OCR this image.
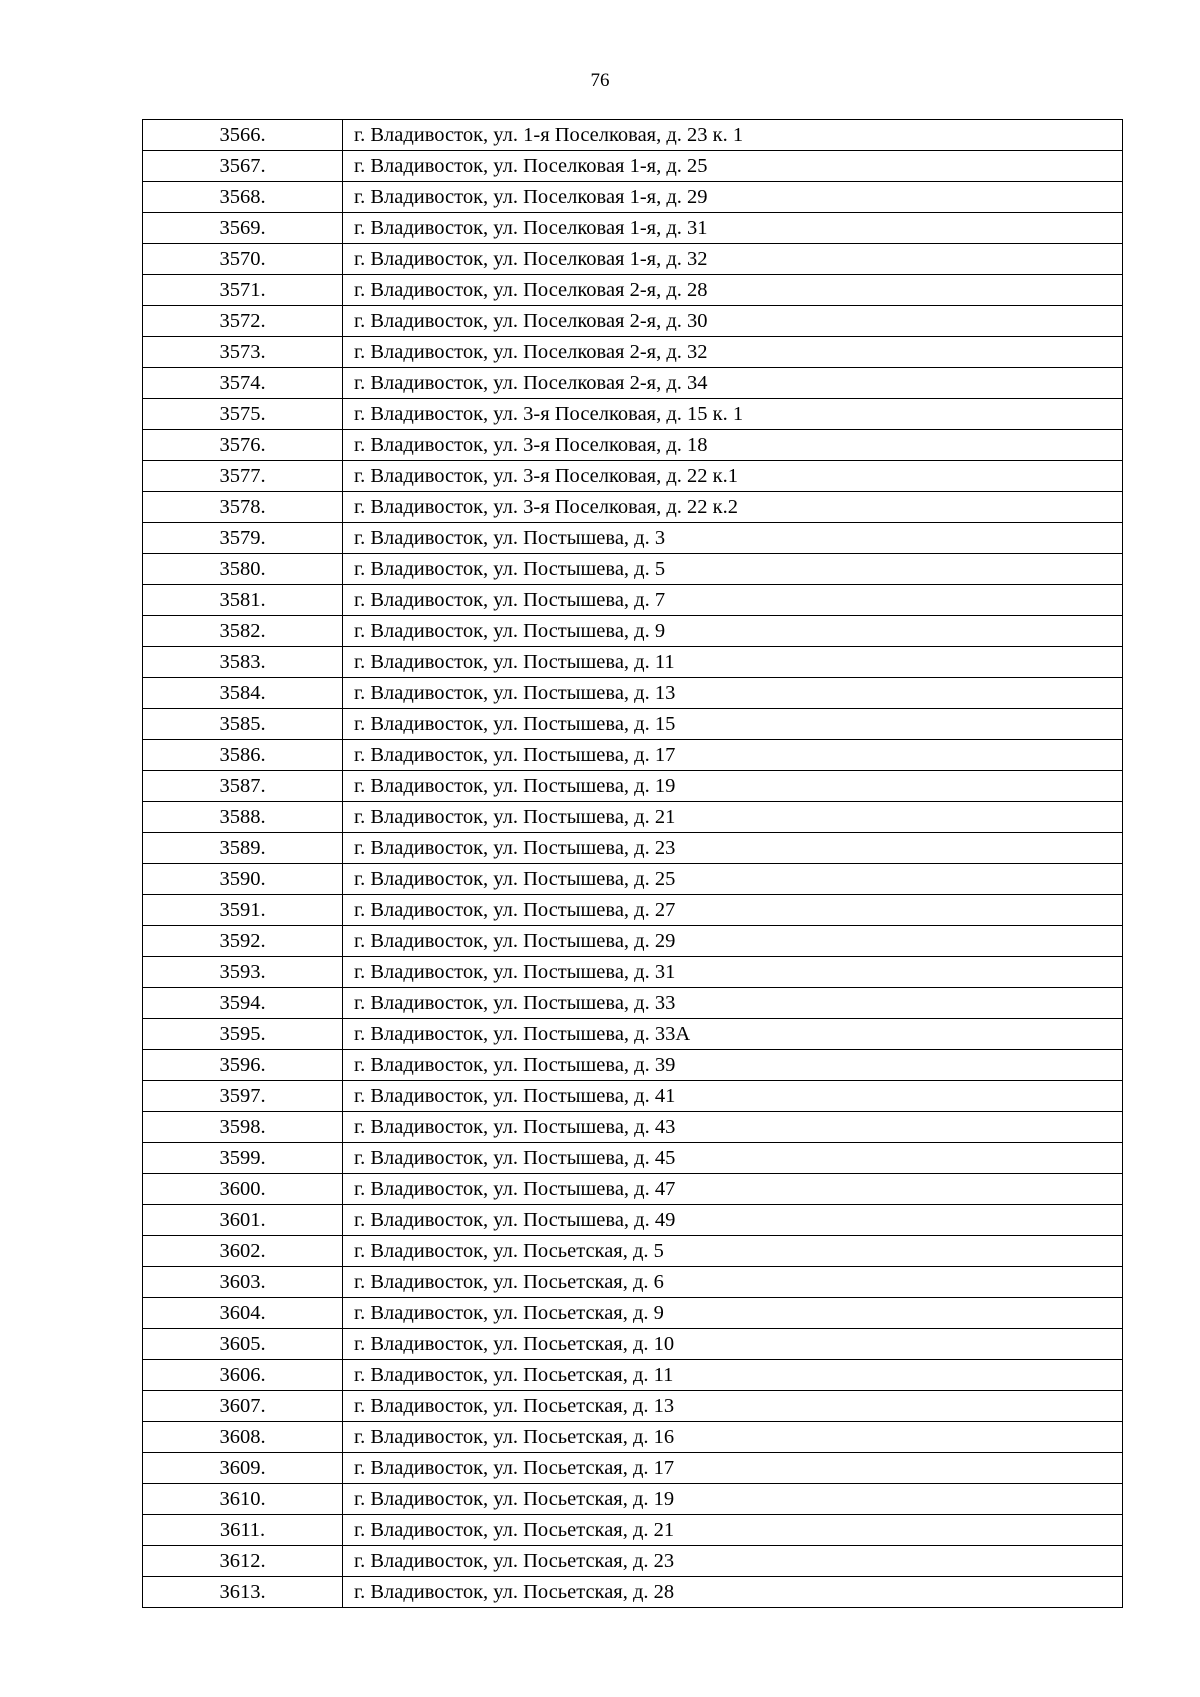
76
3566.	г. Владивосток, ул. 1-я Поселковая, д. 23 к. 1
3567.	г. Владивосток, ул. Поселковая 1-я, д. 25
3568.	г. Владивосток, ул. Поселковая 1-я, д. 29
3569.	г. Владивосток, ул. Поселковая 1-я, д. 31
3570.	г. Владивосток, ул. Поселковая 1-я, д. 32
3571.	г. Владивосток, ул. Поселковая 2-я, д. 28
3572.	г. Владивосток, ул. Поселковая 2-я, д. 30
3573.	г. Владивосток, ул. Поселковая 2-я, д. 32
3574.	г. Владивосток, ул. Поселковая 2-я, д. 34
3575.	г. Владивосток, ул. 3-я Поселковая, д. 15 к. 1
3576.	г. Владивосток, ул. 3-я Поселковая, д. 18
3577.	г. Владивосток, ул. 3-я Поселковая, д. 22 к.1
3578.	г. Владивосток, ул. 3-я Поселковая, д. 22 к.2
3579.	г. Владивосток, ул. Постышева, д. 3
3580.	г. Владивосток, ул. Постышева, д. 5
3581.	г. Владивосток, ул. Постышева, д. 7
3582.	г. Владивосток, ул. Постышева, д. 9
3583.	г. Владивосток, ул. Постышева, д. 11
3584.	г. Владивосток, ул. Постышева, д. 13
3585.	г. Владивосток, ул. Постышева, д. 15
3586.	г. Владивосток, ул. Постышева, д. 17
3587.	г. Владивосток, ул. Постышева, д. 19
3588.	г. Владивосток, ул. Постышева, д. 21
3589.	г. Владивосток, ул. Постышева, д. 23
3590.	г. Владивосток, ул. Постышева, д. 25
3591.	г. Владивосток, ул. Постышева, д. 27
3592.	г. Владивосток, ул. Постышева, д. 29
3593.	г. Владивосток, ул. Постышева, д. 31
3594.	г. Владивосток, ул. Постышева, д. 33
3595.	г. Владивосток, ул. Постышева, д. 33А
3596.	г. Владивосток, ул. Постышева, д. 39
3597.	г. Владивосток, ул. Постышева, д. 41
3598.	г. Владивосток, ул. Постышева, д. 43
3599.	г. Владивосток, ул. Постышева, д. 45
3600.	г. Владивосток, ул. Постышева, д. 47
3601.	г. Владивосток, ул. Постышева, д. 49
3602.	г. Владивосток, ул. Посьетская, д. 5
3603.	г. Владивосток, ул. Посьетская, д. 6
3604.	г. Владивосток, ул. Посьетская, д. 9
3605.	г. Владивосток, ул. Посьетская, д. 10
3606.	г. Владивосток, ул. Посьетская, д. 11
3607.	г. Владивосток, ул. Посьетская, д. 13
3608.	г. Владивосток, ул. Посьетская, д. 16
3609.	г. Владивосток, ул. Посьетская, д. 17
3610.	г. Владивосток, ул. Посьетская, д. 19
3611.	г. Владивосток, ул. Посьетская, д. 21
3612.	г. Владивосток, ул. Посьетская, д. 23
3613.	г. Владивосток, ул. Посьетская, д. 28
